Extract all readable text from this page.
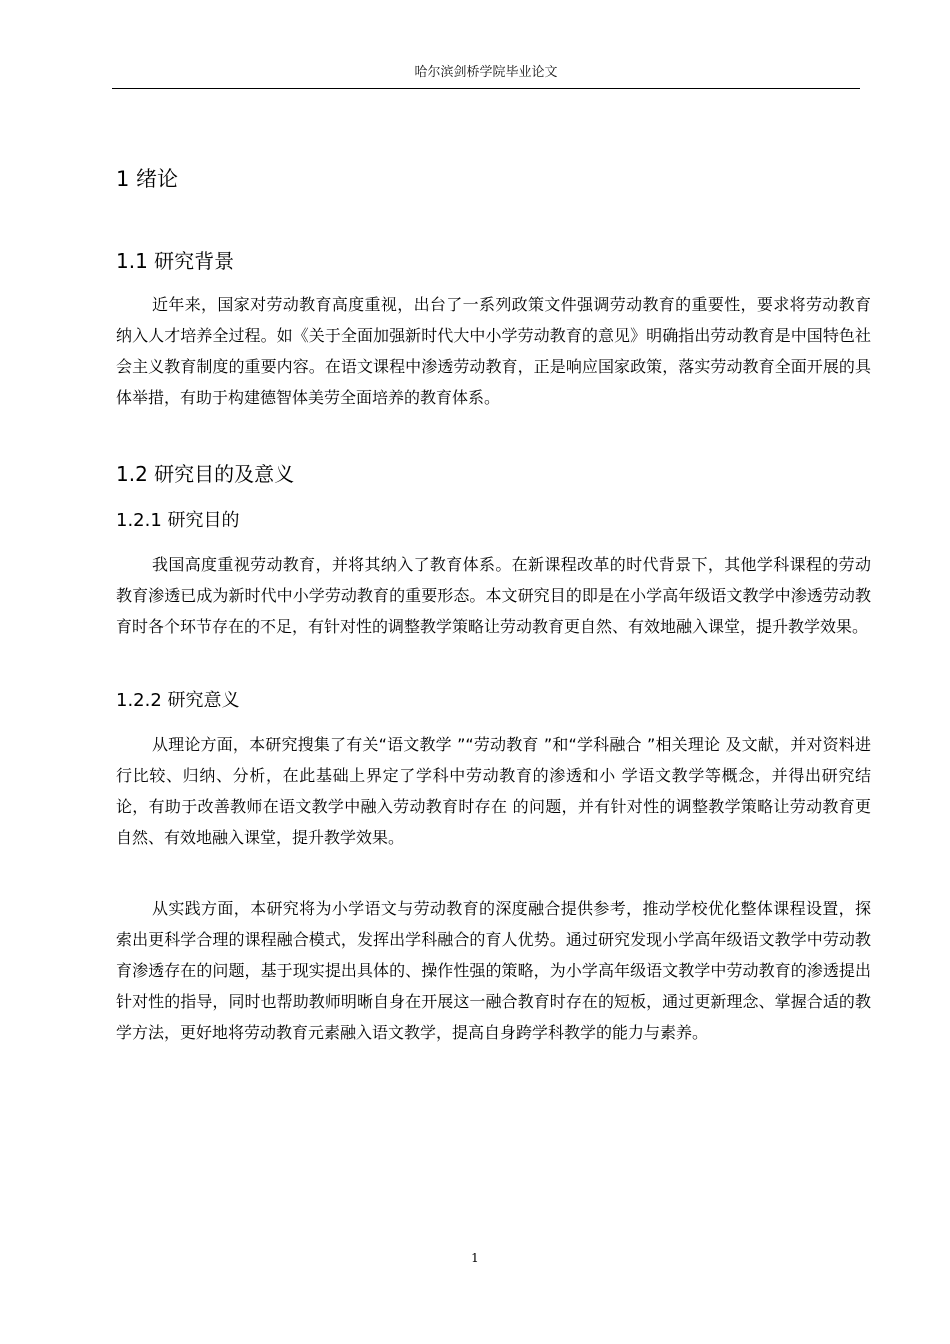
哈尔滨剑桥学院毕业论文
1 绪论
1.1 研究背景

近年来，国家对劳动教育高度重视，出台了一系列政策文件强调劳动教育的重要性，要求将劳动教育纳入人才培养全过程。如《关于全面加强新时代大中小学劳动教育的意见》明确指出劳动教育是中国特色社会主义教育制度的重要内容。在语文课程中渗透劳动教育，正是响应国家政策，落实劳动教育全面开展的具体举措，有助于构建德智体美劳全面培养的教育体系。

1.2 研究目的及意义
1.2.1 研究目的

我国高度重视劳动教育，并将其纳入了教育体系。在新课程改革的时代背景下，其他学科课程的劳动教育渗透已成为新时代中小学劳动教育的重要形态。本文研究目的即是在小学高年级语文教学中渗透劳动教育时各个环节存在的不足，有针对性的调整教学策略让劳动教育更自然、有效地融入课堂，提升教学效果。

1.2.2 研究意义

从理论方面，本研究搜集了有关“语文教学 ”“劳动教育 ”和“学科融合 ”相关理论 及文献，并对资料进行比较、归纳、分析，在此基础上界定了学科中劳动教育的渗透和小 学语文教学等概念，并得出研究结论，有助于改善教师在语文教学中融入劳动教育时存在 的问题，并有针对性的调整教学策略让劳动教育更自然、有效地融入课堂，提升教学效果。

从实践方面，本研究将为小学语文与劳动教育的深度融合提供参考，推动学校优化整体课程设置，探索出更科学合理的课程融合模式，发挥出学科融合的育人优势。通过研究发现小学高年级语文教学中劳动教育渗透存在的问题，基于现实提出具体的、操作性强的策略，为小学高年级语文教学中劳动教育的渗透提出针对性的指导，同时也帮助教师明晰自身在开展这一融合教育时存在的短板，通过更新理念、掌握合适的教学方法，更好地将劳动教育元素融入语文教学，提高自身跨学科教学的能力与素养。

1
